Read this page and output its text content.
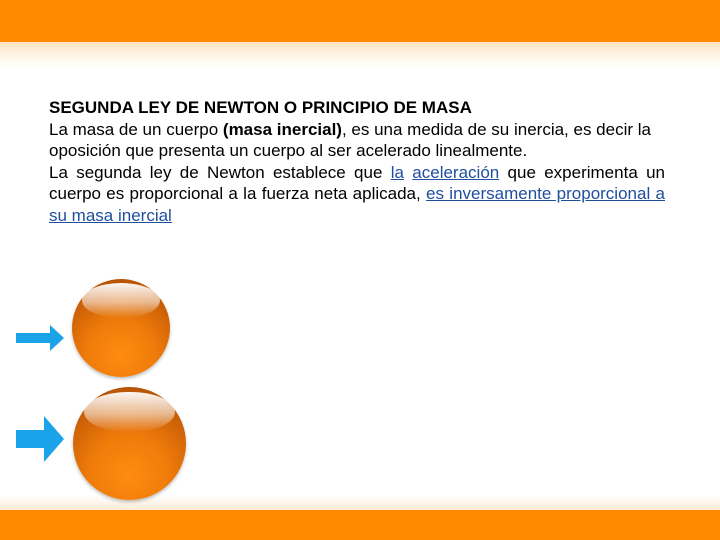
SEGUNDA LEY DE NEWTON O PRINCIPIO DE MASA

La masa de un cuerpo (masa inercial), es una medida de su inercia, es decir la oposición que presenta un cuerpo al ser acelerado linealmente.

La segunda ley de Newton establece que la aceleración que experimenta un cuerpo es proporcional a la fuerza neta aplicada, es inversamente proporcional a su masa inercial
